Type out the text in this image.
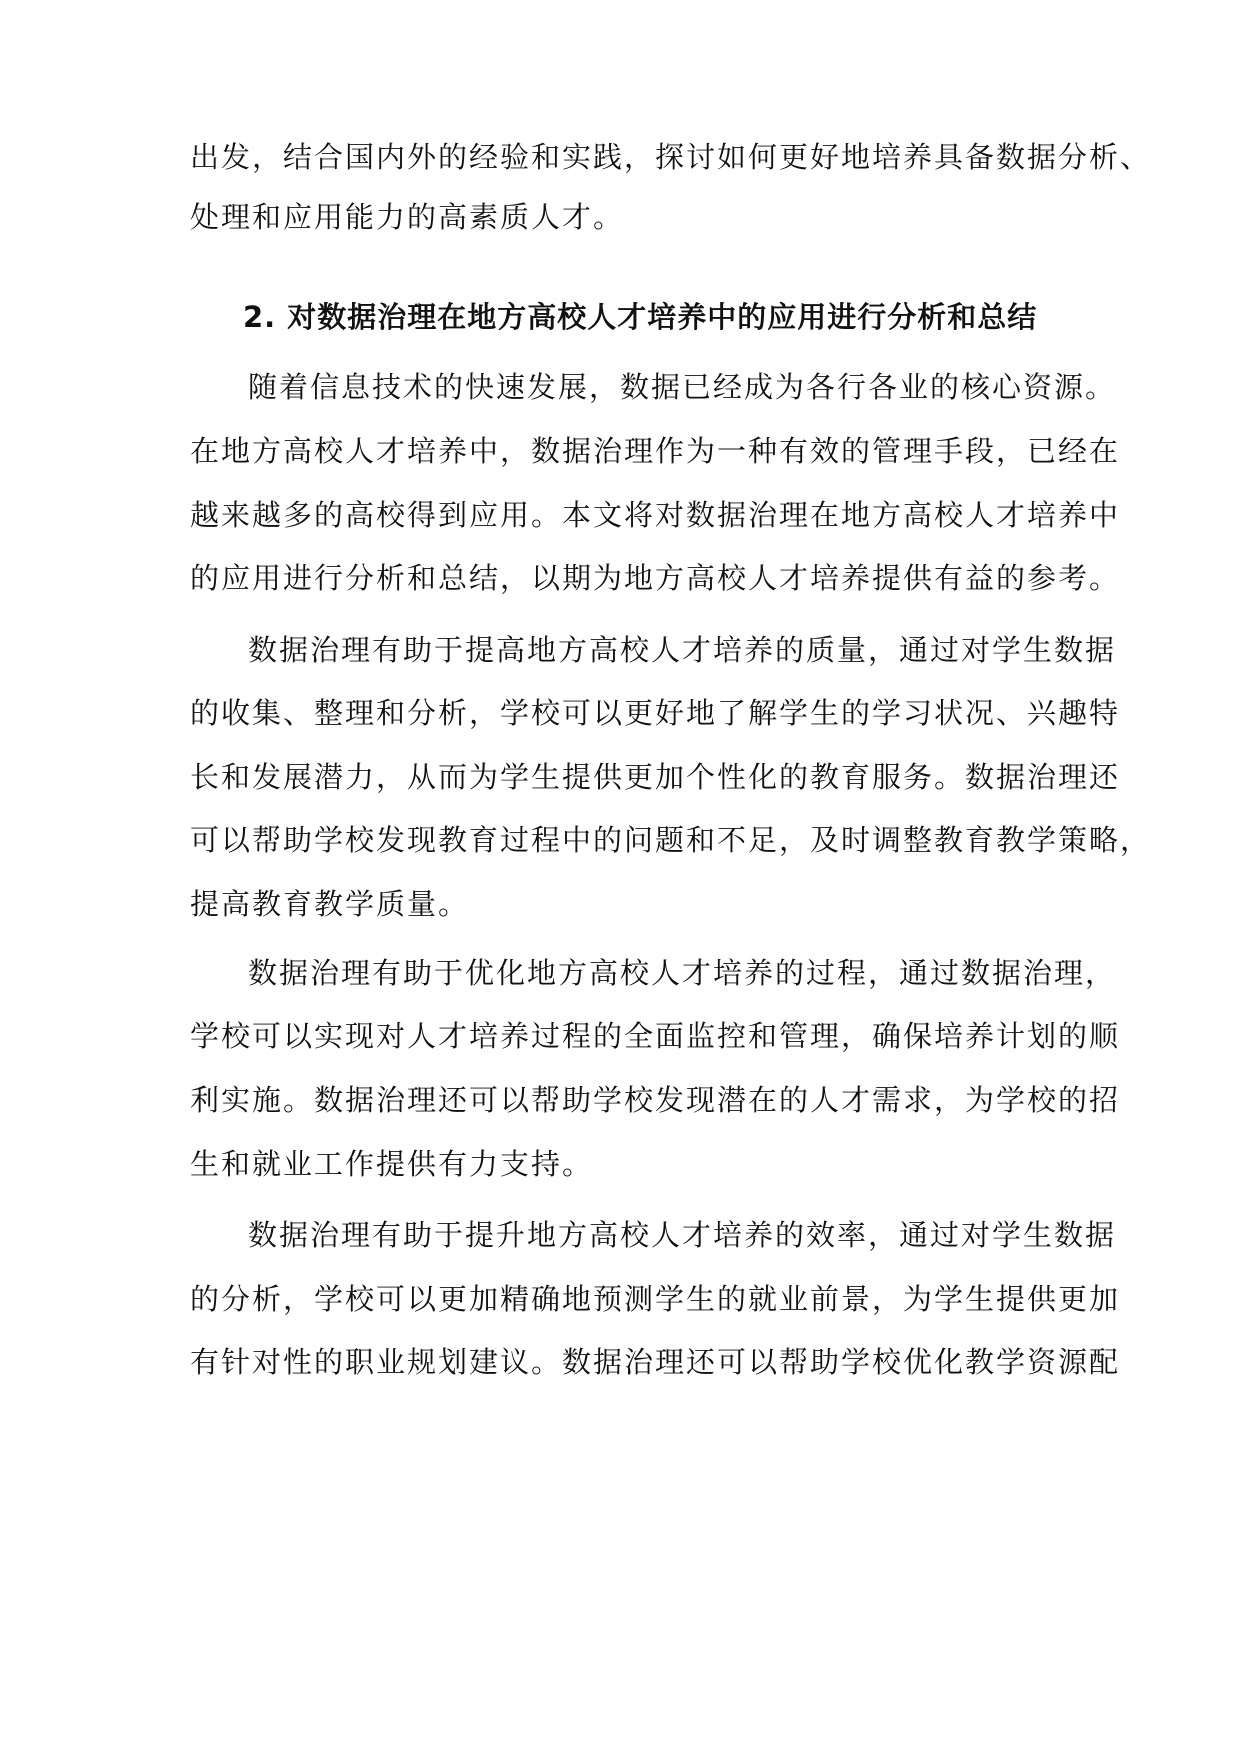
出发，结合国内外的经验和实践，探讨如何更好地培养具备数据分析、
处理和应用能力的高素质人才。
2. 对数据治理在地方高校人才培养中的应用进行分析和总结
随着信息技术的快速发展，数据已经成为各行各业的核心资源。
在地方高校人才培养中，数据治理作为一种有效的管理手段，已经在
越来越多的高校得到应用。本文将对数据治理在地方高校人才培养中
的应用进行分析和总结，以期为地方高校人才培养提供有益的参考。
数据治理有助于提高地方高校人才培养的质量，通过对学生数据
的收集、整理和分析，学校可以更好地了解学生的学习状况、兴趣特
长和发展潜力，从而为学生提供更加个性化的教育服务。数据治理还
可以帮助学校发现教育过程中的问题和不足，及时调整教育教学策略，
提高教育教学质量。
数据治理有助于优化地方高校人才培养的过程，通过数据治理，
学校可以实现对人才培养过程的全面监控和管理，确保培养计划的顺
利实施。数据治理还可以帮助学校发现潜在的人才需求，为学校的招
生和就业工作提供有力支持。
数据治理有助于提升地方高校人才培养的效率，通过对学生数据
的分析，学校可以更加精确地预测学生的就业前景，为学生提供更加
有针对性的职业规划建议。数据治理还可以帮助学校优化教学资源配
